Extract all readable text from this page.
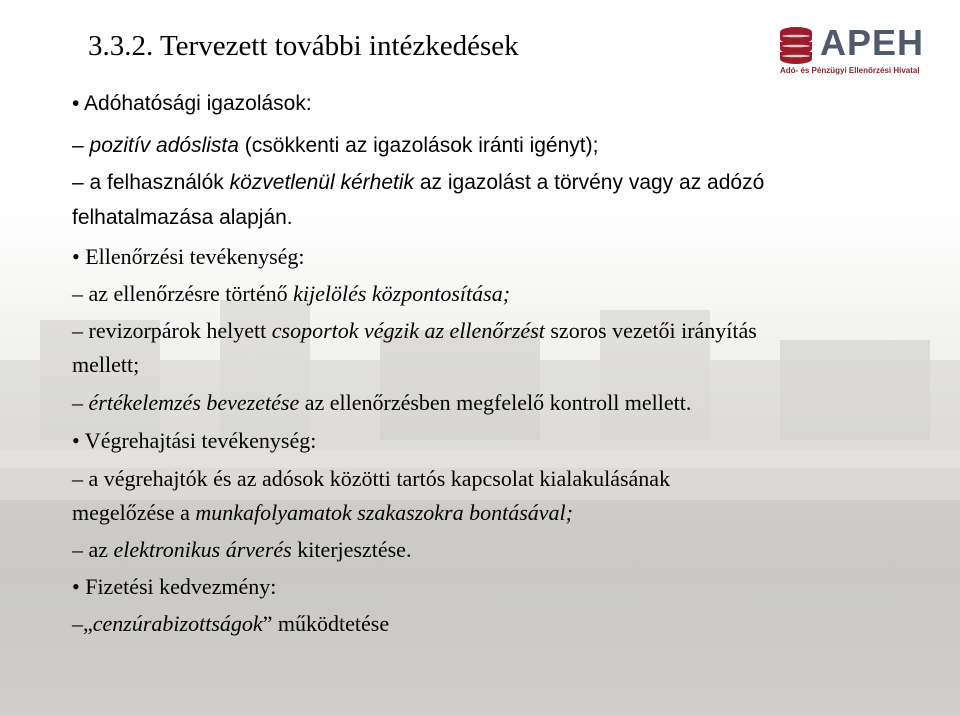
3.3.2. Tervezett további intézkedések	APEH
Adó- és Pénzügyi Ellenőrzési Hivatal

• Adóhatósági igazolások:

– pozitív adóslista (csökkenti az igazolások iránti igényt);

– a felhasználók közvetlenül kérhetik az igazolást a törvény vagy az adózó

felhatalmazása alapján.

• Ellenőrzési tevékenység:

– az ellenőrzésre történő kijelölés központosítása;

– revizorpárok helyett csoportok végzik az ellenőrzést szoros vezetői irányítás

mellett;

– értékelemzés bevezetése az ellenőrzésben megfelelő kontroll mellett.

• Végrehajtási tevékenység:

– a végrehajtók és az adósok közötti tartós kapcsolat kialakulásának

megelőzése a munkafolyamatok szakaszokra bontásával;

– az elektronikus árverés kiterjesztése.

• Fizetési kedvezmény:

–„cenzúrabizottságok” működtetése
